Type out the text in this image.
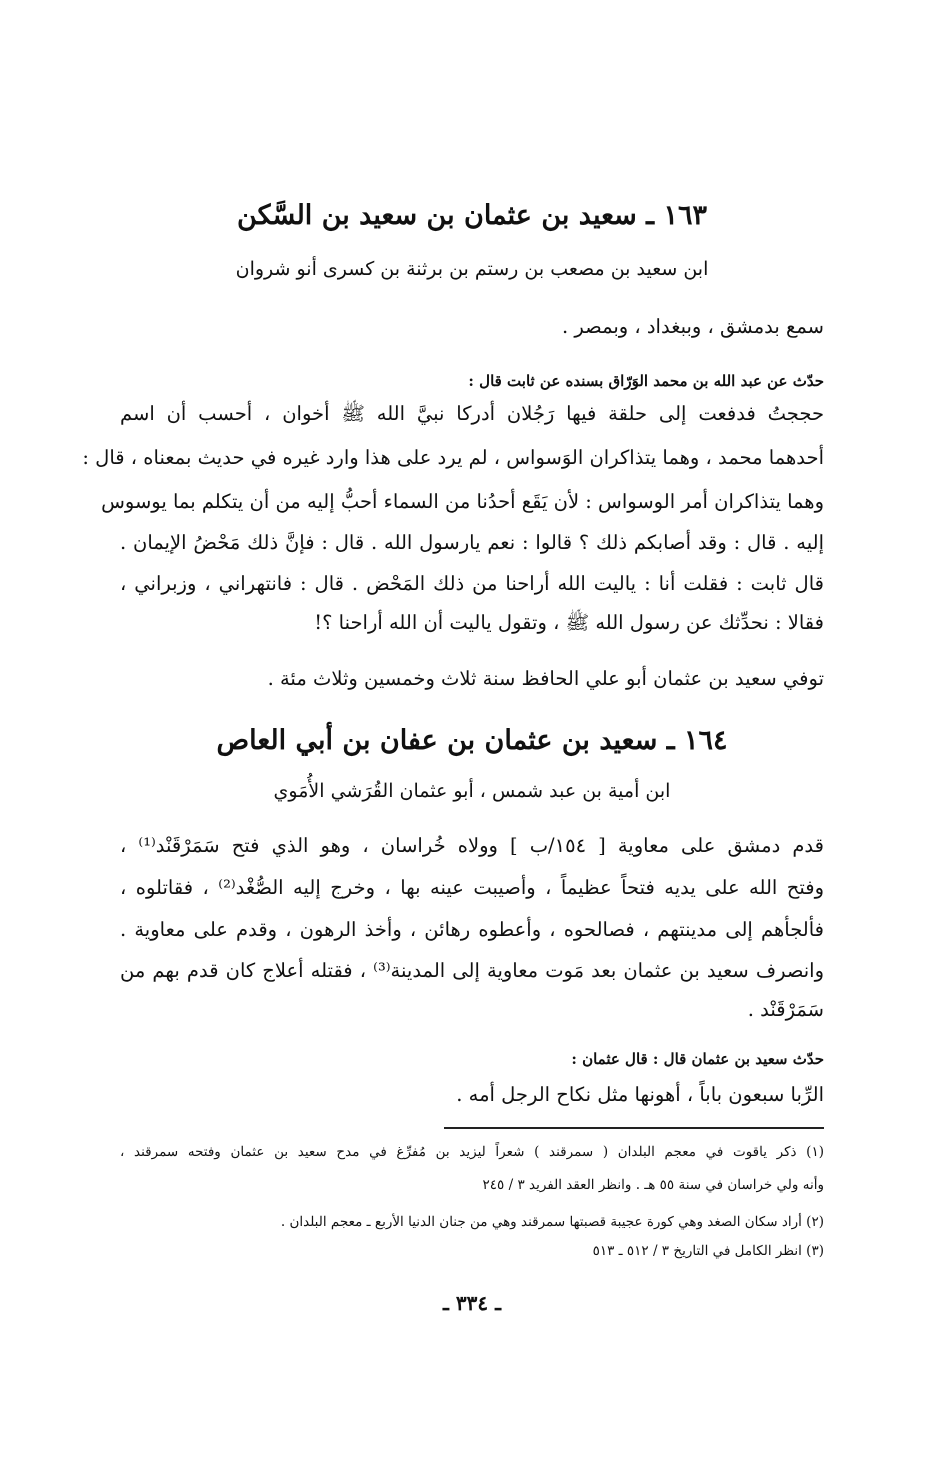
١٦٣ ـ سعيد بن عثمان بن سعيد بن السَّكن
ابن سعيد بن مصعب بن رستم بن برثنة بن كسرى أنو شروان
سمع بدمشق ، وببغداد ، وبمصر .
حدّث عن عبد الله بن محمد الوَرّاق بسنده عن ثابت قال :
حججتُ فدفعت إلى حلقة فيها رَجُلان أدركا نبيَّ الله ﷺ أخوان ، أحسب أن اسم
أحدهما محمد ، وهما يتذاكران الوَسواس ، لم يرد على هذا وارد غيره في حديث بمعناه ، قال :
وهما يتذاكران أمر الوسواس : لأن يَقَع أحدُنا من السماء أحبُّ إليه من أن يتكلم بما يوسوس
إليه . قال : وقد أصابكم ذلك ؟ قالوا : نعم يارسول الله . قال : فإنَّ ذلك مَحْضُ الإيمان .
قال ثابت : فقلت أنا : ياليت الله أراحنا من ذلك المَحْض . قال : فانتهراني ، وزبراني ،
فقالا : نحدِّثك عن رسول الله ﷺ ، وتقول ياليت أن الله أراحنا ؟!
توفي سعيد بن عثمان أبو علي الحافظ سنة ثلاث وخمسين وثلاث مئة .
١٦٤ ـ سعيد بن عثمان بن عفان بن أبي العاص
ابن أمية بن عبد شمس ، أبو عثمان القُرَشي الأُمَوي
قدم دمشق على معاوية [ ١٥٤/ب ] وولاه خُراسان ، وهو الذي فتح سَمَرْقَنْد⁽¹⁾ ،
وفتح الله على يديه فتحاً عظيماً ، وأصيبت عينه بها ، وخرج إليه الصُّغْد⁽²⁾ ، فقاتلوه ،
فألجأهم إلى مدينتهم ، فصالحوه ، وأعطوه رهائن ، وأخذ الرهون ، وقدم على معاوية .
وانصرف سعيد بن عثمان بعد مَوت معاوية إلى المدينة⁽³⁾ ، فقتله أعلاج كان قدم بهم من
سَمَرْقَنْد .
حدّث سعيد بن عثمان قال : قال عثمان :
الرِّبا سبعون باباً ، أهونها مثل نكاح الرجل أمه .
(١) ذكر ياقوت في معجم البلدان ( سمرقند ) شعراً ليزيد بن مُفرِّغ في مدح سعيد بن عثمان وفتحه سمرقند ،
وأنه ولي خراسان في سنة ٥٥ هـ . وانظر العقد الفريد ٣ / ٢٤٥
(٢) أراد سكان الصغد وهي كورة عجيبة قصبتها سمرقند وهي من جنان الدنيا الأربع ـ معجم البلدان .
(٣) انظر الكامل في التاريخ ٣ / ٥١٢ ـ ٥١٣
ـ ٣٣٤ ـ
